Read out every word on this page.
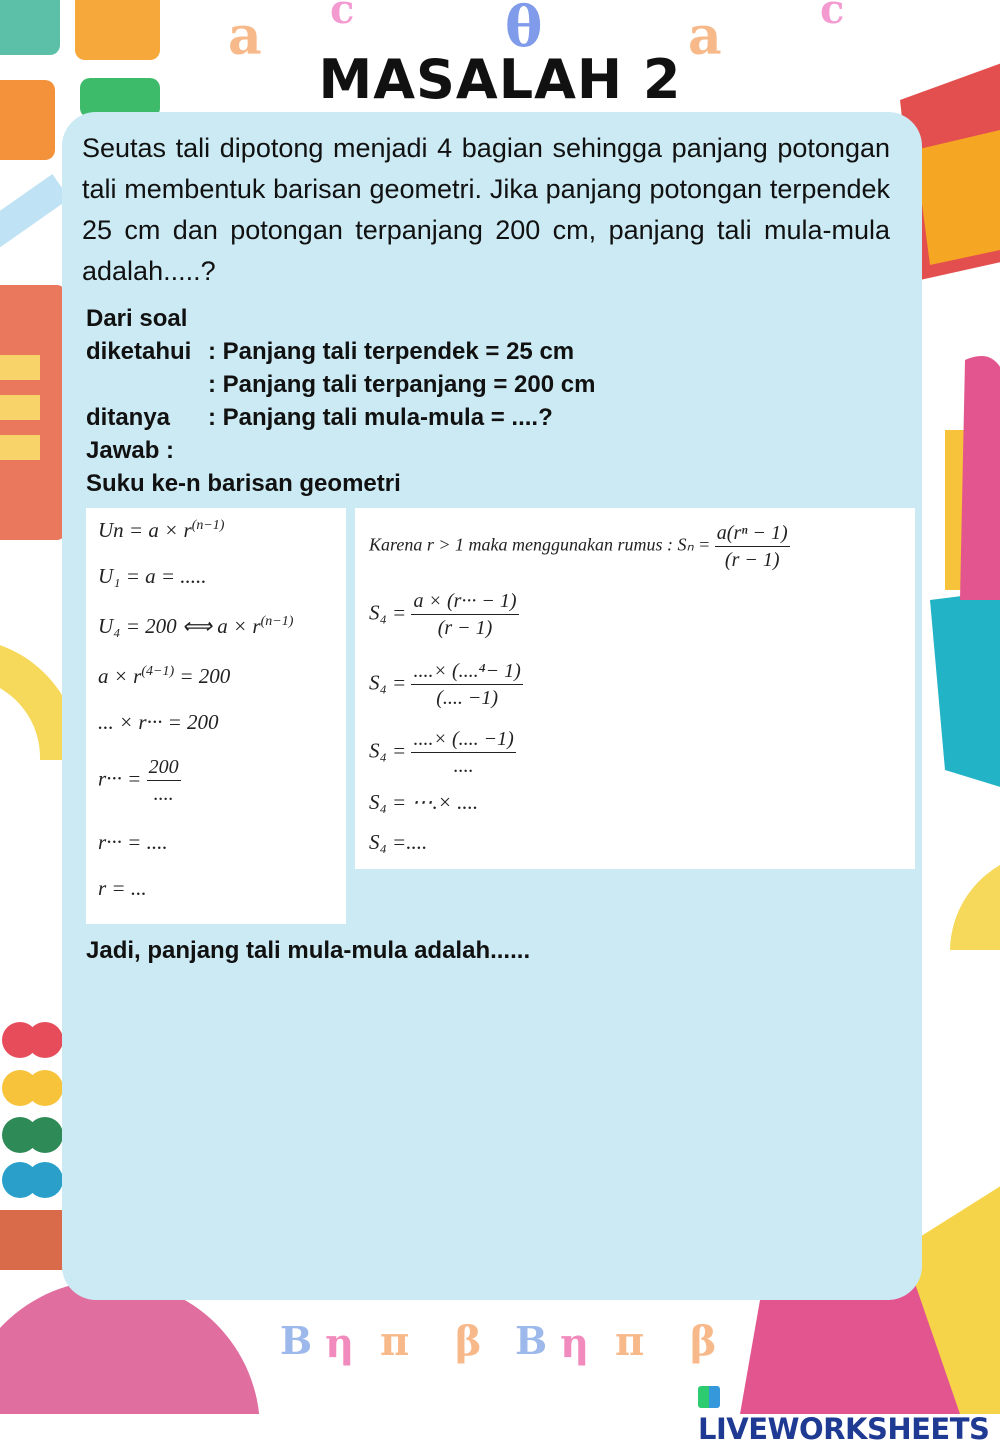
a c	θ	a c
B η π β B η π β
MASALAH 2
Seutas tali dipotong menjadi 4 bagian sehingga panjang potongan tali membentuk barisan geometri. Jika panjang potongan terpendek 25 cm dan potongan terpanjang 200 cm, panjang tali mula-mula adalah.....?
Dari soal
diketahui : Panjang tali terpendek = 25 cm
: Panjang tali terpanjang = 200 cm
ditanya	: Panjang tali mula-mula = ....?
Jawab :
Suku ke-n barisan geometri
$Un = a \times r^{(n-1)}$
U₁ = a = .....
U₄ = 200 ⟺ $a \times r^{(n-1)}$
$a \times r^{(4-1)} = 200$
... × r··· = 200
$r\cdot\cdot\cdot = \frac{200}{....}$
r··· = ....
r = ...
Karena r > 1 maka menggunakan rumus : $S_n = \frac{\text{a(rⁿ − 1)}}{(r - 1)}$
$S_4 = \frac{a \times (r\cdot\cdot\cdot - 1)}{(r - 1)}$
$S_4 = \frac{\text{....× (....⁴− 1)}}{(.... -1)}$
$S_4 = \frac{....\times (.... -1)}{....}$
S₄ = ⋯.× ....
S₄ =....
Jadi, panjang tali mula-mula adalah......
LIVEWORKSHEETS
